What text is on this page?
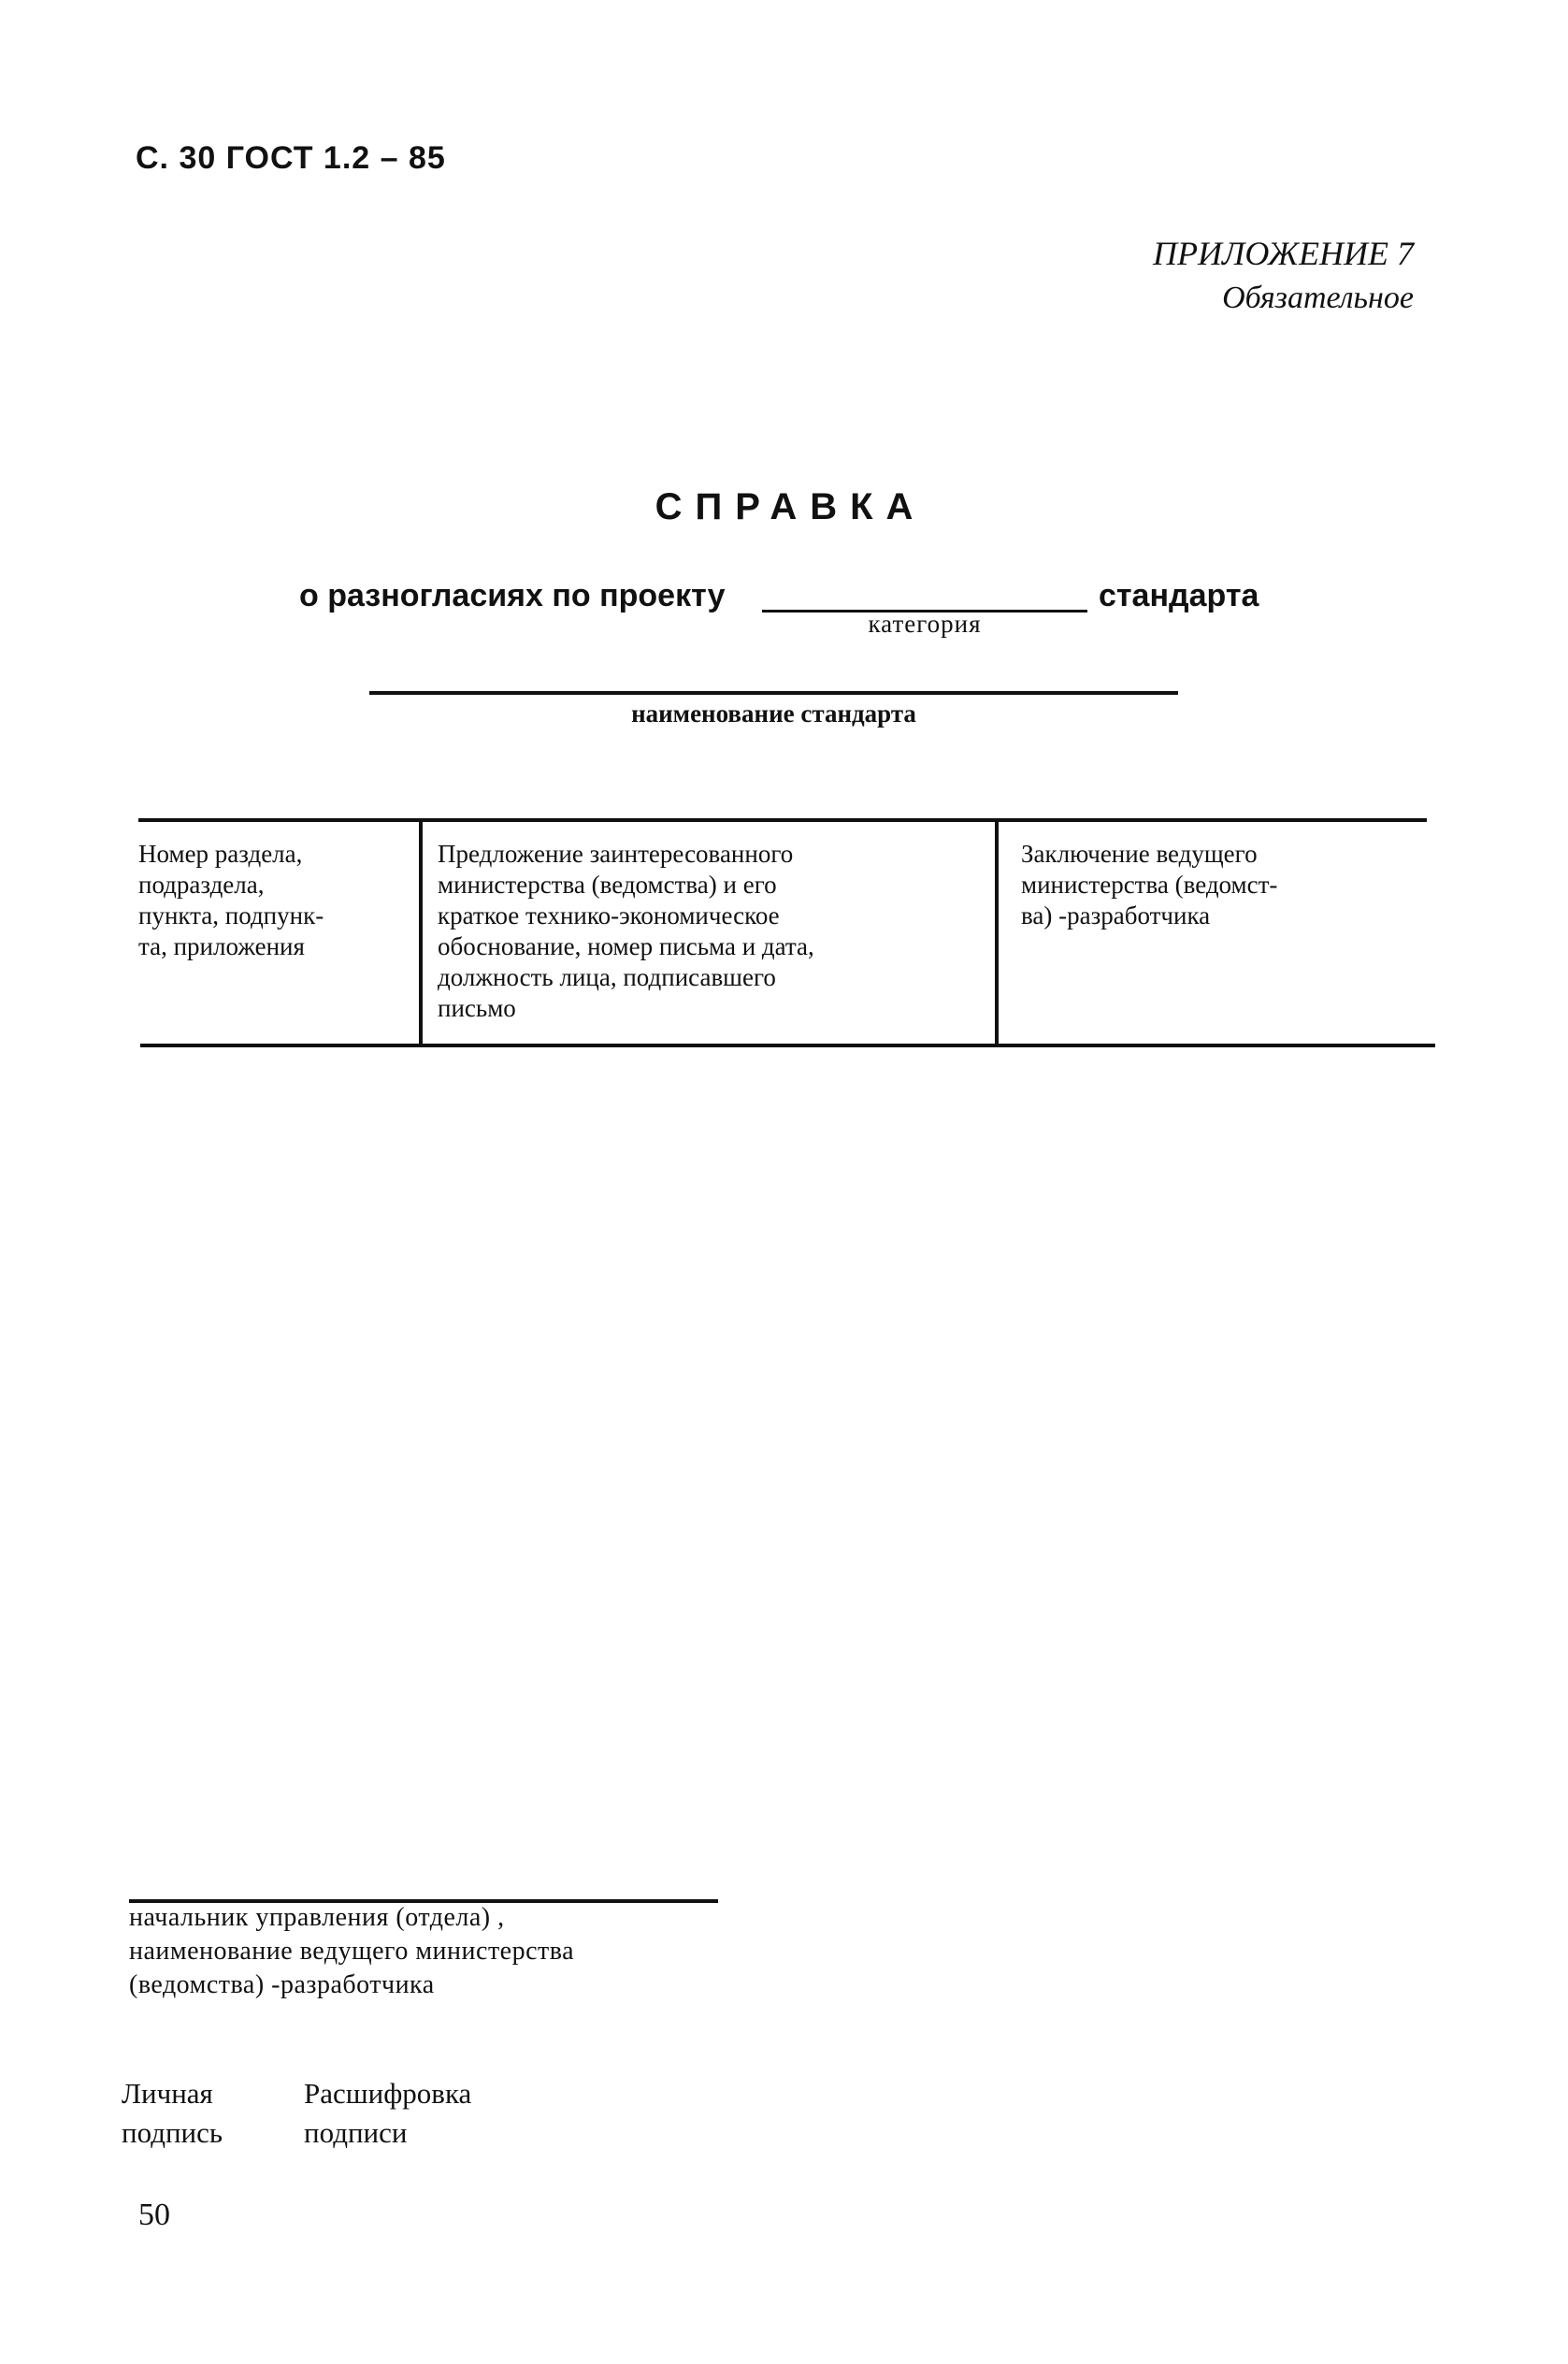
С. 30 ГОСТ 1.2 – 85
ПРИЛОЖЕНИЕ 7
Обязательное
СПРАВКА
о разногласиях по проекту
категория
стандарта
наименование стандарта
Номер раздела,
подраздела,
пункта, подпунк-
та, приложения
Предложение заинтересованного
министерства (ведомства) и его
краткое технико-экономическое
обоснование, номер письма и дата,
должность лица, подписавшего
письмо
Заключение ведущего
министерства (ведомст-
ва) -разработчика
начальник управления (отдела) ,
наименование ведущего министерства
(ведомства) -разработчика
Личная
подпись
Расшифровка
подписи
50
